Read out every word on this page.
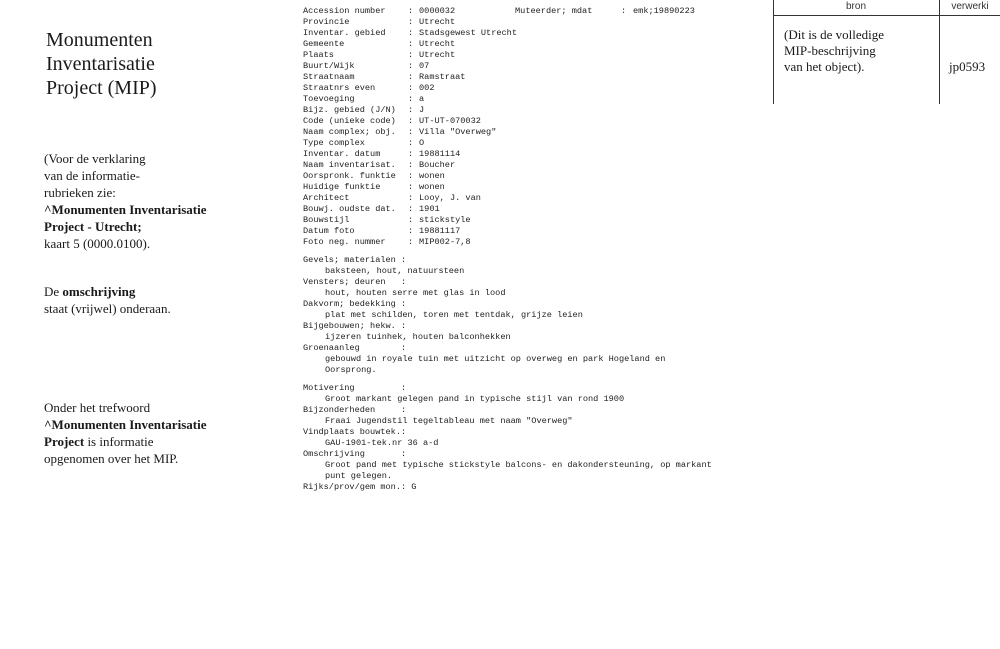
Monumenten
Inventarisatie
Project (MIP)
(Voor de verklaring
van de informatie-
rubrieken zie:
^Monumenten Inventarisatie
Project - Utrecht;
kaart 5 (0000.0100).
De omschrijving
staat (vrijwel) onderaan.
Onder het trefwoord
^Monumenten Inventarisatie
Project is informatie
opgenomen over het MIP.
Accession number	: 0000032	Muteerder; mdat	: emk;19890223
Provincie	: Utrecht
Inventar. gebied	: Stadsgewest Utrecht
Gemeente	: Utrecht
Plaats	: Utrecht
Buurt/Wijk	: 07
Straatnaam	: Ramstraat
Straatnrs even	: 002
Toevoeging	: a
Bijz. gebied (J/N) : J
Code (unieke code) : UT-UT-070032
Naam complex; obj. : Villa "Overweg"
Type complex	: O
Inventar. datum	: 19881114
Naam inventarisat. : Boucher
Oorspronk. funktie : wonen
Huidige funktie	: wonen
Architect	: Looy, J. van
Bouwj. oudste dat. : 1901
Bouwstijl	: stickstyle
Datum foto	: 19881117
Foto neg. nummer	: MIP002-7,8
Gevels; materialen :
baksteen, hout, natuursteen
Vensters; deuren   :
hout, houten serre met glas in lood
Dakvorm; bedekking :
plat met schilden, toren met tentdak, grijze leien
Bijgebouwen; hekw. :
ijzeren tuinhek, houten balconhekken
Groenaanleg        :
gebouwd in royale tuin met uitzicht op overweg en park Hogeland en
Oorsprong.
Motivering         :
Groot markant gelegen pand in typische stijl van rond 1900
Bijzonderheden     :
Fraai Jugendstil tegeltableau met naam "Overweg"
Vindplaats bouwtek.:
GAU-1901-tek.nr 36 a-d
Omschrijving       :
Groot pand met typische stickstyle balcons- en dakondersteuning, op markant
punt gelegen.
Rijks/prov/gem mon.: G
bron	verwerki
(Dit is de volledige
MIP-beschrijving
van het object).	jp0593
